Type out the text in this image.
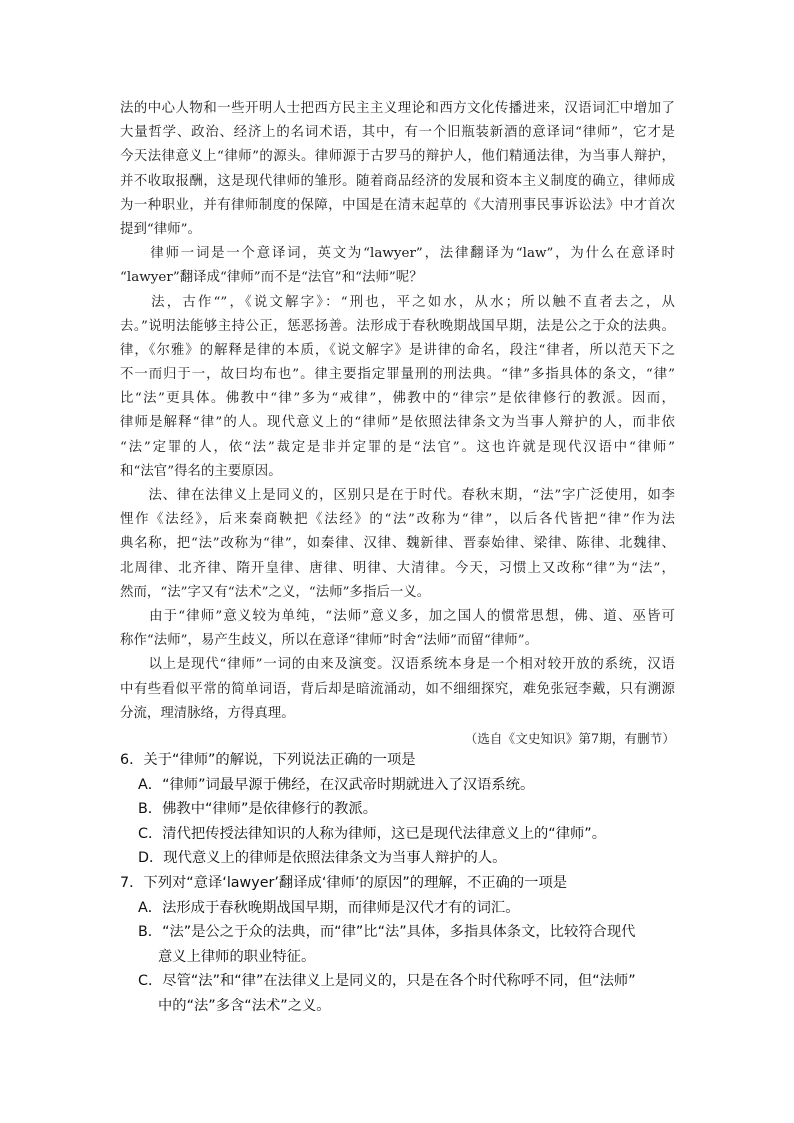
法的中心人物和一些开明人士把西方民主主义理论和西方文化传播进来，汉语词汇中增加了
大量哲学、政治、经济上的名词术语，其中，有一个旧瓶装新酒的意译词“律师”，它才是
今天法律意义上“律师”的源头。律师源于古罗马的辩护人，他们精通法律，为当事人辩护，
并不收取报酬，这是现代律师的雏形。随着商品经济的发展和资本主义制度的确立，律师成
为一种职业，并有律师制度的保障，中国是在清末起草的《大清刑事民事诉讼法》中才首次
提到“律师”。
　　律师一词是一个意译词，英文为“lawyer”，法律翻译为“law”，为什么在意译时
“lawyer”翻译成“律师”而不是“法官”和“法师”呢？
　　法，古作“”，《说文解字》：“刑也，平之如水，从水；所以触不直者去之，从
去。”说明法能够主持公正，惩恶扬善。法形成于春秋晚期战国早期，法是公之于众的法典。
律，《尔雅》的解释是律的本质，《说文解字》是讲律的命名，段注“律者，所以范天下之
不一而归于一，故曰均布也”。律主要指定罪量刑的刑法典。“律”多指具体的条文，“律”
比“法”更具体。佛教中“律”多为“戒律”，佛教中的“律宗”是依律修行的教派。因而，
律师是解释“律”的人。现代意义上的“律师”是依照法律条文为当事人辩护的人，而非依
“法”定罪的人，依“法”裁定是非并定罪的是“法官”。这也许就是现代汉语中“律师”
和“法官”得名的主要原因。
　　法、律在法律义上是同义的，区别只是在于时代。春秋末期，“法”字广泛使用，如李
悝作《法经》，后来秦商鞅把《法经》的“法”改称为“律”，以后各代皆把“律”作为法
典名称，把“法”改称为“律”，如秦律、汉律、魏新律、晋泰始律、梁律、陈律、北魏律、
北周律、北齐律、隋开皇律、唐律、明律、大清律。今天，习惯上又改称“律”为“法”，
然而，“法”字又有“法术”之义，“法师”多指后一义。
　　由于“律师”意义较为单纯，“法师”意义多，加之国人的惯常思想，佛、道、巫皆可
称作“法师”，易产生歧义，所以在意译“律师”时舍“法师”而留“律师”。
　　以上是现代“律师”一词的由来及演变。汉语系统本身是一个相对较开放的系统，汉语
中有些看似平常的简单词语，背后却是暗流涌动，如不细细探究，难免张冠李戴，只有溯源
分流，理清脉络，方得真理。
（选自《文史知识》第7期，有删节）
6．关于“律师”的解说，下列说法正确的一项是
A．“律师”词最早源于佛经，在汉武帝时期就进入了汉语系统。
B．佛教中“律师”是依律修行的教派。
C．清代把传授法律知识的人称为律师，这已是现代法律意义上的“律师”。
D．现代意义上的律师是依照法律条文为当事人辩护的人。
7．下列对“意译‘lawyer’翻译成‘律师’的原因”的理解，不正确的一项是
A．法形成于春秋晚期战国早期，而律师是汉代才有的词汇。
B．“法”是公之于众的法典，而“律”比“法”具体，多指具体条文，比较符合现代
意义上律师的职业特征。
C．尽管“法”和“律”在法律义上是同义的，只是在各个时代称呼不同，但“法师”
中的“法”多含“法术”之义。
